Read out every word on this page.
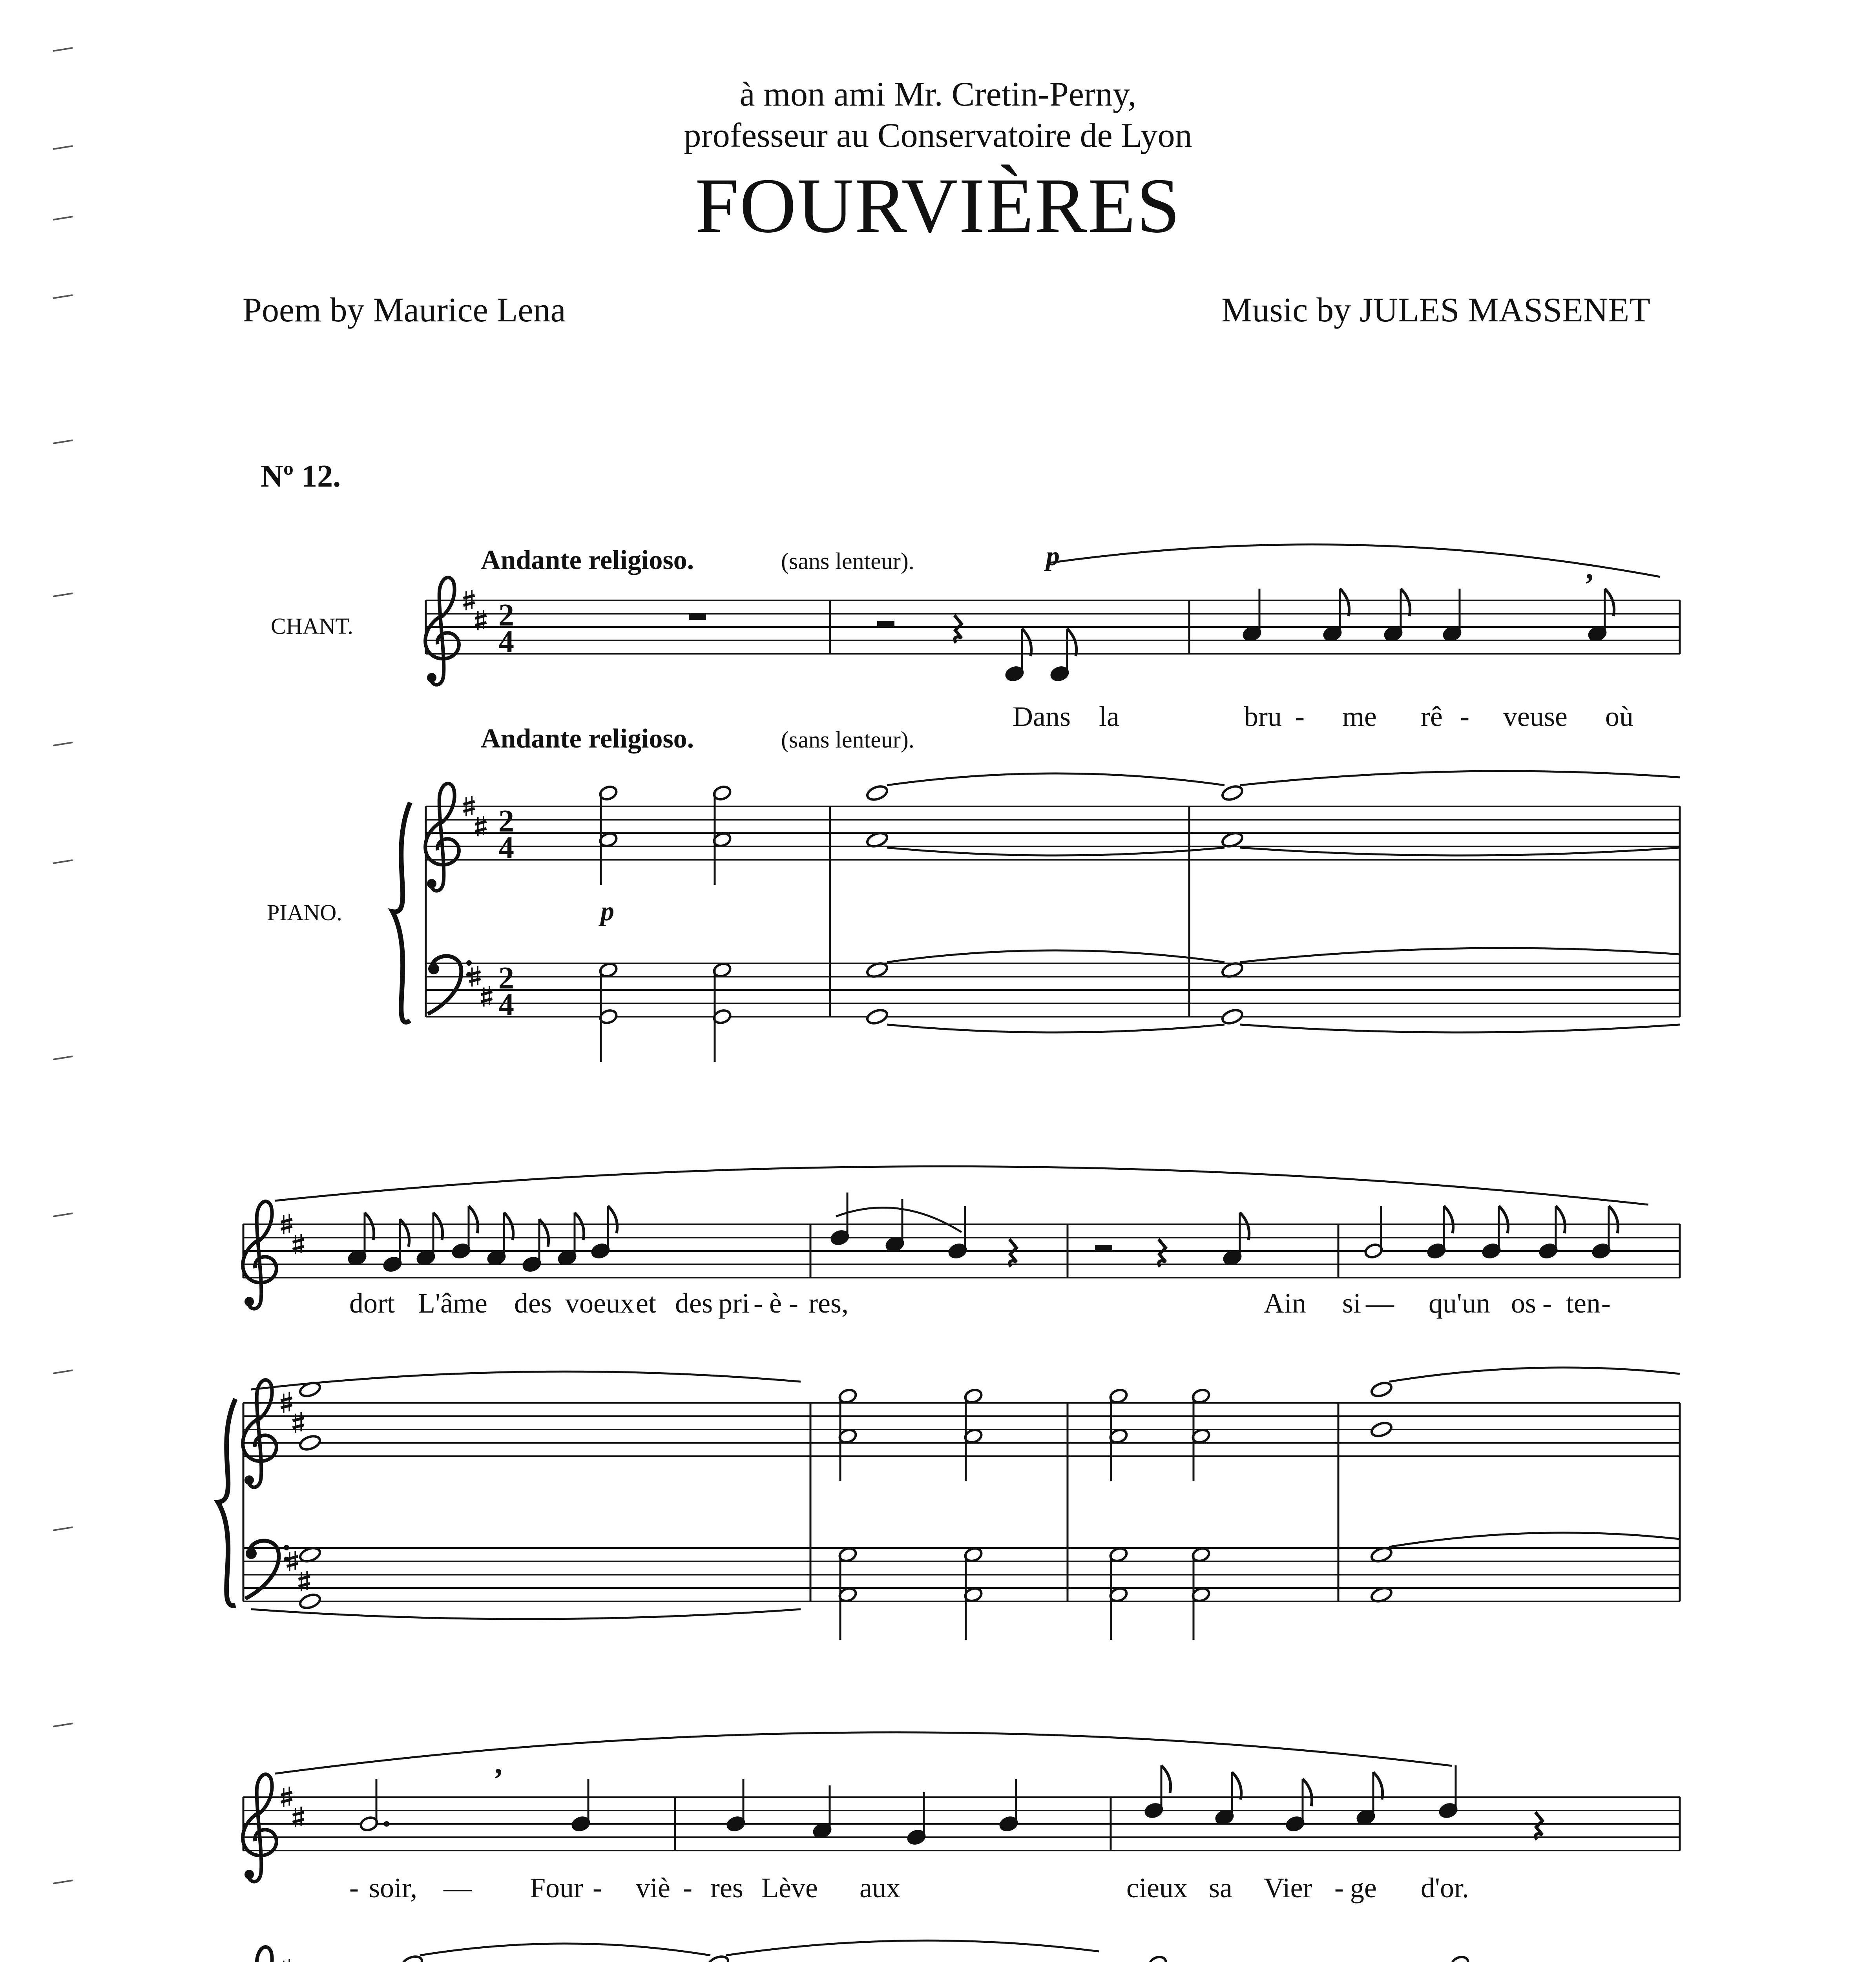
à mon ami Mr. Cretin-Perny,
professeur au Conservatoire de Lyon
FOURVIÈRES
Poem by Maurice Lena	Music by JULES MASSENET
Nº 12.
Andante religioso.	(sans lenteur).
Andante religioso.	(sans lenteur).
CHANT.
PIANO.
2
4
2
4
2
4
p	,
Dans la	bru - me rê - veuse où
p
dort L'âme des voeux et des pri - è - res,	Ain si — qu'un os - ten -
,
- soir, — Four - viè - res Lève aux	cieux sa Vier - ge d'or.
